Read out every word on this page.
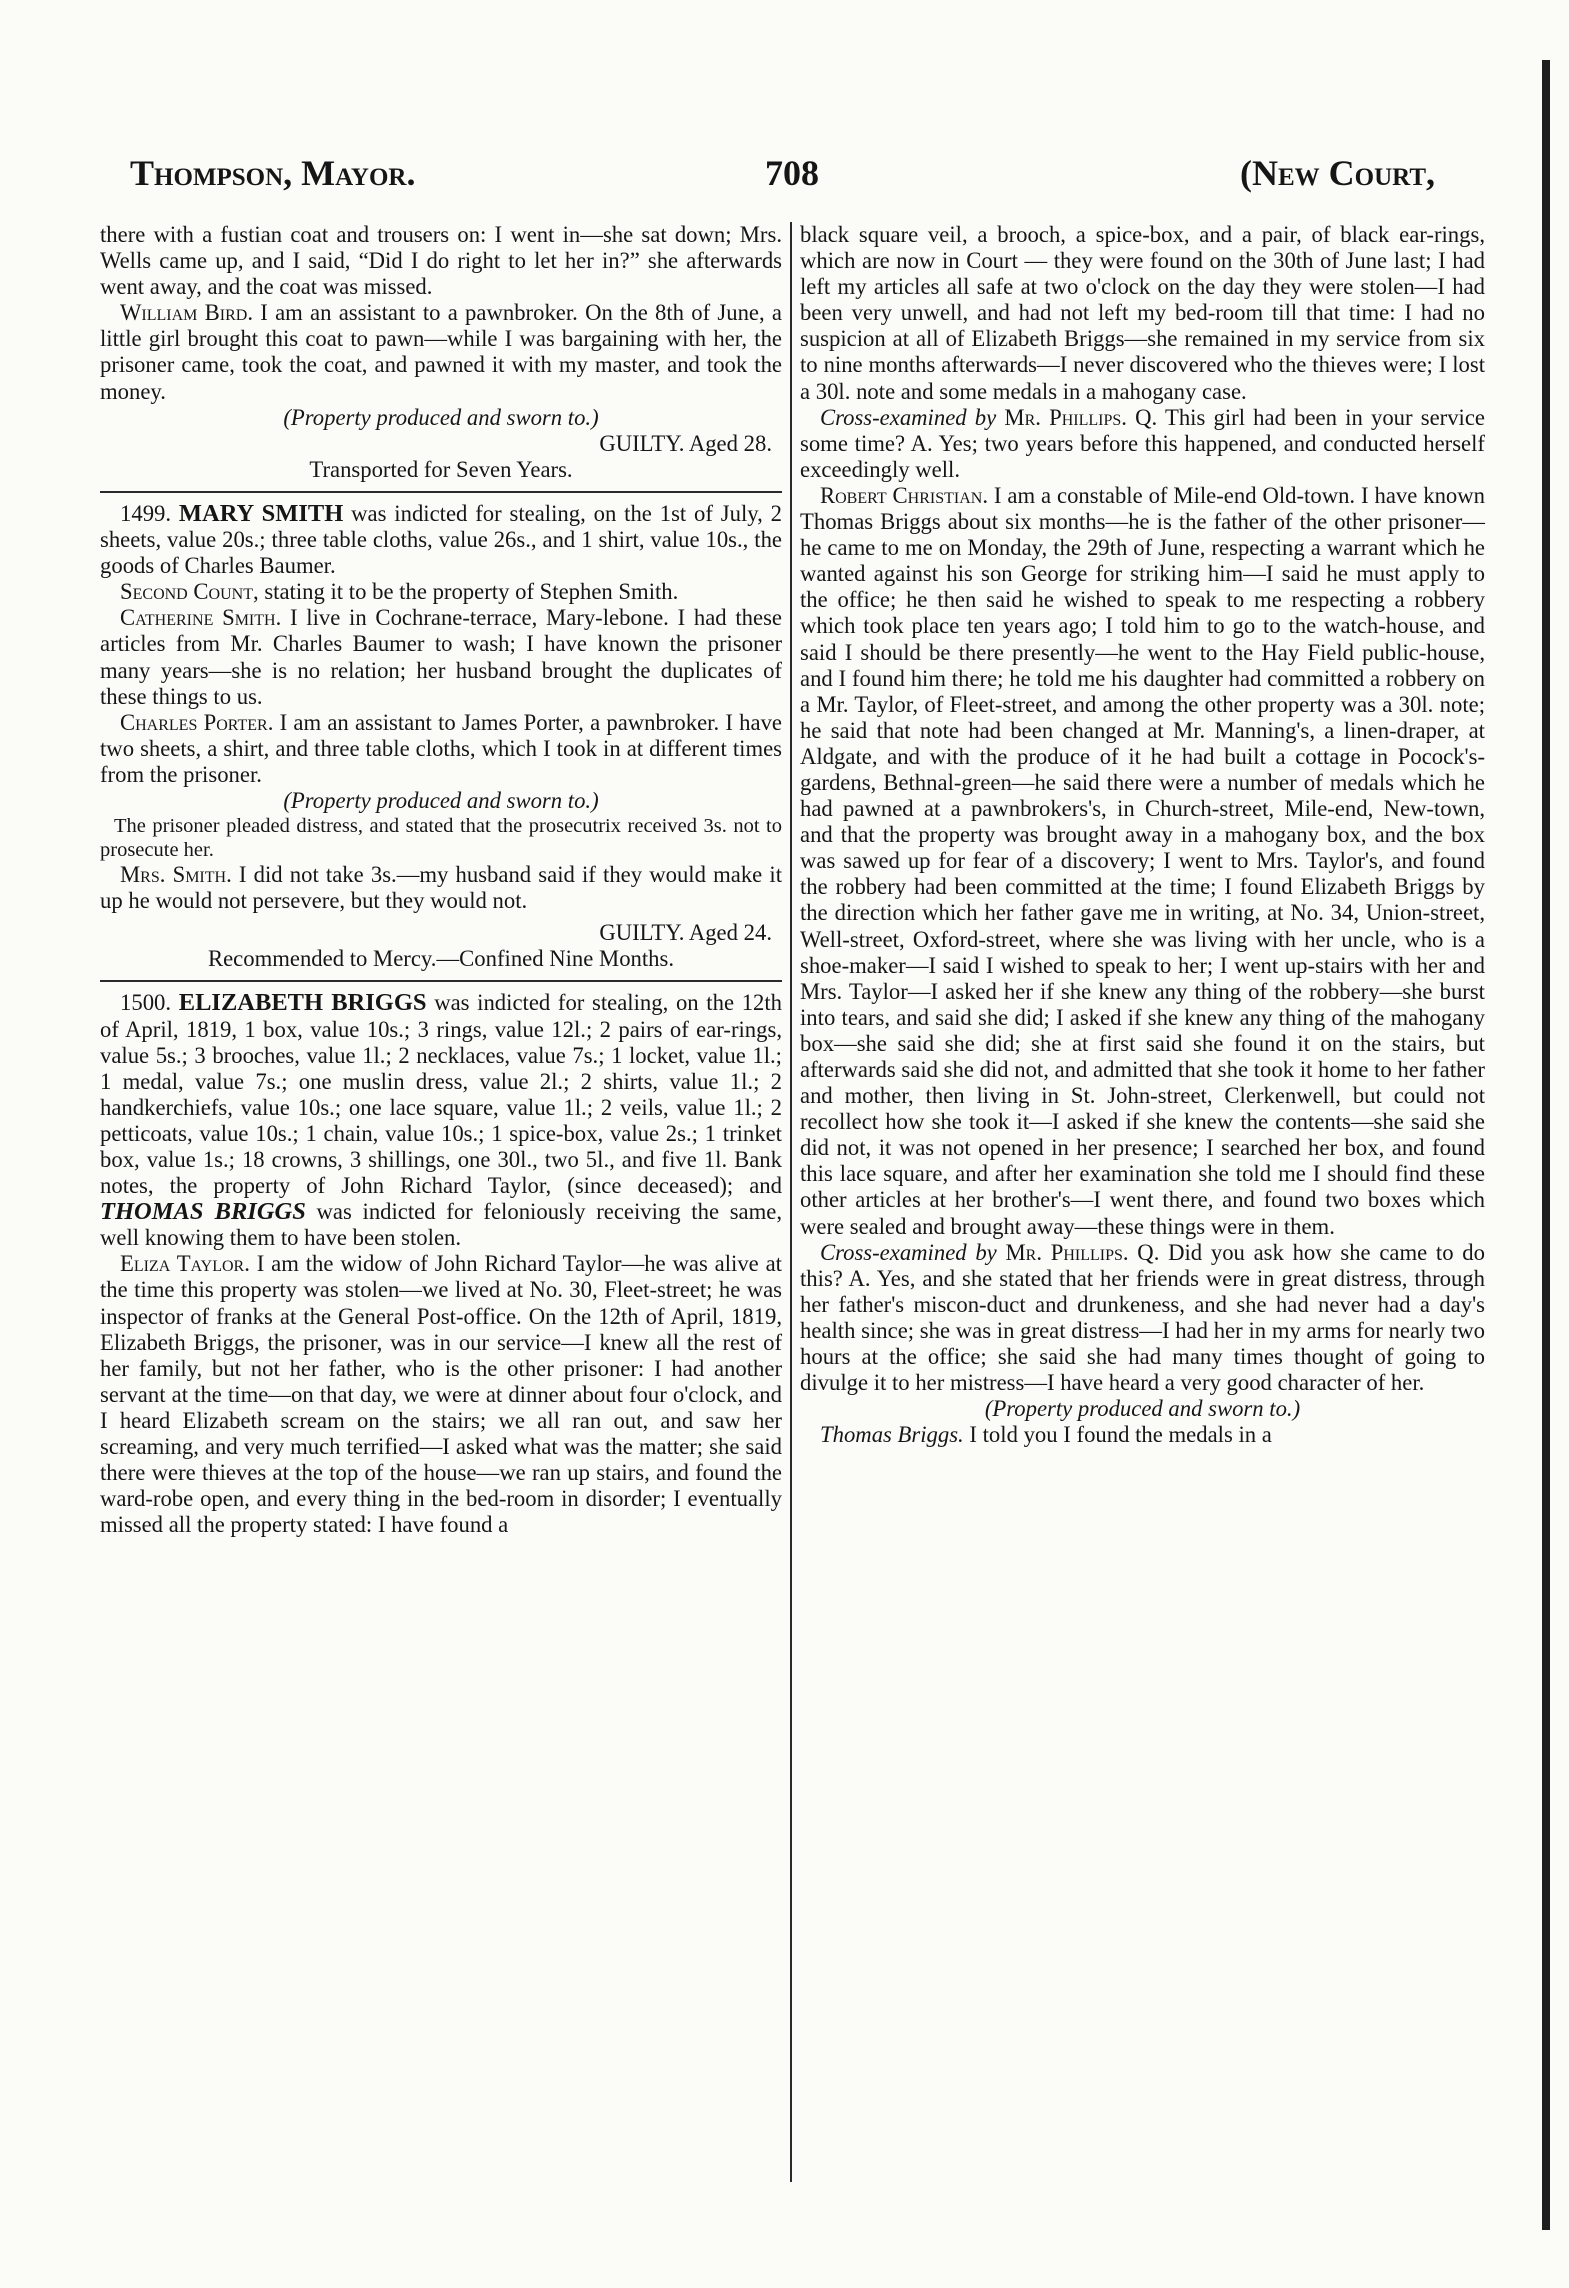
Thompson, Mayor.	708	(New Court,

there with a fustian coat and trousers on: I went in—she sat down; Mrs. Wells came up, and I said, “Did I do right to let her in?” she afterwards went away, and the coat was missed.

William Bird. I am an assistant to a pawnbroker. On the 8th of June, a little girl brought this coat to pawn—while I was bargaining with her, the prisoner came, took the coat, and pawned it with my master, and took the money.

(Property produced and sworn to.)

GUILTY. Aged 28.

Transported for Seven Years.

1499. MARY SMITH was indicted for stealing, on the 1st of July, 2 sheets, value 20s.; three table cloths, value 26s., and 1 shirt, value 10s., the goods of Charles Baumer.

Second Count, stating it to be the property of Stephen Smith.

Catherine Smith. I live in Cochrane-terrace, Mary-lebone. I had these articles from Mr. Charles Baumer to wash; I have known the prisoner many years—she is no relation; her husband brought the duplicates of these things to us.

Charles Porter. I am an assistant to James Porter, a pawnbroker. I have two sheets, a shirt, and three table cloths, which I took in at different times from the prisoner.

(Property produced and sworn to.)

The prisoner pleaded distress, and stated that the prosecutrix received 3s. not to prosecute her.

Mrs. Smith. I did not take 3s.—my husband said if they would make it up he would not persevere, but they would not.

GUILTY. Aged 24.

Recommended to Mercy.—Confined Nine Months.

1500. ELIZABETH BRIGGS was indicted for stealing, on the 12th of April, 1819, 1 box, value 10s.; 3 rings, value 12l.; 2 pairs of ear-rings, value 5s.; 3 brooches, value 1l.; 2 necklaces, value 7s.; 1 locket, value 1l.; 1 medal, value 7s.; one muslin dress, value 2l.; 2 shirts, value 1l.; 2 handkerchiefs, value 10s.; one lace square, value 1l.; 2 veils, value 1l.; 2 petticoats, value 10s.; 1 chain, value 10s.; 1 spice-box, value 2s.; 1 trinket box, value 1s.; 18 crowns, 3 shillings, one 30l., two 5l., and five 1l. Bank notes, the property of John Richard Taylor, (since deceased); and THOMAS BRIGGS was indicted for feloniously receiving the same, well knowing them to have been stolen.

Eliza Taylor. I am the widow of John Richard Taylor—he was alive at the time this property was stolen—we lived at No. 30, Fleet-street; he was inspector of franks at the General Post-office. On the 12th of April, 1819, Elizabeth Briggs, the prisoner, was in our service—I knew all the rest of her family, but not her father, who is the other prisoner: I had another servant at the time—on that day, we were at dinner about four o'clock, and I heard Elizabeth scream on the stairs; we all ran out, and saw her screaming, and very much terrified—I asked what was the matter; she said there were thieves at the top of the house—we ran up stairs, and found the ward-robe open, and every thing in the bed-room in disorder; I eventually missed all the property stated: I have found a

black square veil, a brooch, a spice-box, and a pair, of black ear-rings, which are now in Court — they were found on the 30th of June last; I had left my articles all safe at two o'clock on the day they were stolen—I had been very unwell, and had not left my bed-room till that time: I had no suspicion at all of Elizabeth Briggs—she remained in my service from six to nine months afterwards—I never discovered who the thieves were; I lost a 30l. note and some medals in a mahogany case.

Cross-examined by Mr. Phillips. Q. This girl had been in your service some time? A. Yes; two years before this happened, and conducted herself exceedingly well.

Robert Christian. I am a constable of Mile-end Old-town. I have known Thomas Briggs about six months—he is the father of the other prisoner—he came to me on Monday, the 29th of June, respecting a warrant which he wanted against his son George for striking him—I said he must apply to the office; he then said he wished to speak to me respecting a robbery which took place ten years ago; I told him to go to the watch-house, and said I should be there presently—he went to the Hay Field public-house, and I found him there; he told me his daughter had committed a robbery on a Mr. Taylor, of Fleet-street, and among the other property was a 30l. note; he said that note had been changed at Mr. Manning's, a linen-draper, at Aldgate, and with the produce of it he had built a cottage in Pocock's-gardens, Bethnal-green—he said there were a number of medals which he had pawned at a pawnbrokers's, in Church-street, Mile-end, New-town, and that the property was brought away in a mahogany box, and the box was sawed up for fear of a discovery; I went to Mrs. Taylor's, and found the robbery had been committed at the time; I found Elizabeth Briggs by the direction which her father gave me in writing, at No. 34, Union-street, Well-street, Oxford-street, where she was living with her uncle, who is a shoe-maker—I said I wished to speak to her; I went up-stairs with her and Mrs. Taylor—I asked her if she knew any thing of the robbery—she burst into tears, and said she did; I asked if she knew any thing of the mahogany box—she said she did; she at first said she found it on the stairs, but afterwards said she did not, and admitted that she took it home to her father and mother, then living in St. John-street, Clerkenwell, but could not recollect how she took it—I asked if she knew the contents—she said she did not, it was not opened in her presence; I searched her box, and found this lace square, and after her examination she told me I should find these other articles at her brother's—I went there, and found two boxes which were sealed and brought away—these things were in them.

Cross-examined by Mr. Phillips. Q. Did you ask how she came to do this? A. Yes, and she stated that her friends were in great distress, through her father's miscon-duct and drunkeness, and she had never had a day's health since; she was in great distress—I had her in my arms for nearly two hours at the office; she said she had many times thought of going to divulge it to her mistress—I have heard a very good character of her.

(Property produced and sworn to.)

Thomas Briggs. I told you I found the medals in a
